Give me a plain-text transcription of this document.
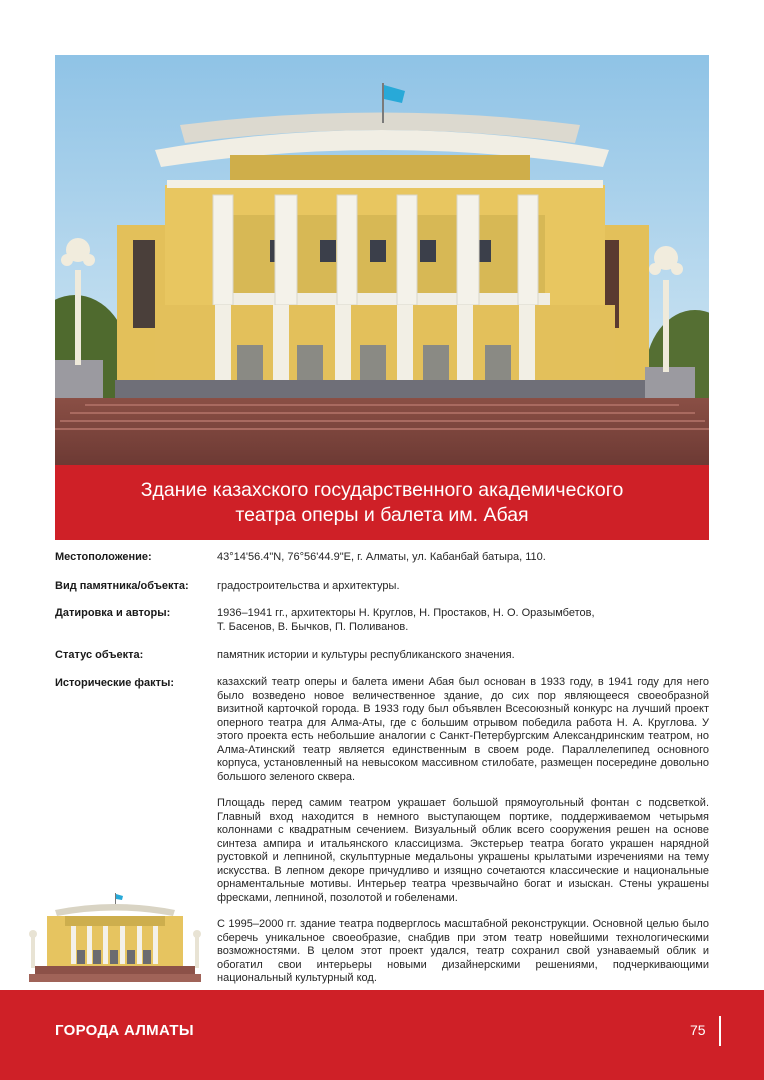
Здание казахского государственного академического
театра оперы и балета им. Абая
Местоположение:	43°14'56.4"N, 76°56'44.9"E, г. Алматы, ул. Кабанбай батыра, 110.
Вид памятника/объекта:	градостроительства и архитектуры.
Датировка и авторы:	1936–1941 гг., архитекторы Н. Круглов, Н. Простаков, Н. О. Оразымбетов,
Т. Басенов, В. Бычков, П. Поливанов.
Статус объекта:	памятник истории и культуры республиканского значения.
Исторические факты:	казахский театр оперы и балета имени Абая был основан в 1933 году, в 1941 году для него было возведено новое величественное здание, до сих пор являющееся своеобразной визитной карточкой города. В 1933 году был объявлен Всесоюзный конкурс на лучший проект оперного театра для Алма-Аты, где с большим отрывом победила работа Н. А. Круглова. У этого проекта есть небольшие аналогии с Санкт-Петербургским Александринским театром, но Алма-Атинский театр является единственным в своем роде. Параллелепипед основного корпуса, установленный на невысоком массивном стилобате, размещен посередине довольно большого зеленого сквера.

Площадь перед самим театром украшает большой прямоугольный фонтан с подсветкой. Главный вход находится в немного выступающем портике, поддерживаемом четырьмя колоннами с квадратным сечением. Визуальный облик всего сооружения решен на основе синтеза ампира и итальянского классицизма. Экстерьер театра богато украшен нарядной рустовкой и лепниной, скульптурные медальоны украшены крылатыми изречениями на тему искусства. В лепном декоре причудливо и изящно сочетаются классические и национальные орнаментальные мотивы. Интерьер театра чрезвычайно богат и изыскан. Стены украшены фресками, лепниной, позолотой и гобеленами.

С 1995–2000 гг. здание театра подверглось масштабной реконструкции. Основной целью было сберечь уникальное своеобразие, снабдив при этом театр новейшими технологическими возможностями. В целом этот проект удался, театр сохранил свой узнаваемый облик и обогатил свои интерьеры новыми дизайнерскими решениями, подчеркивающими национальный культурный код.

ГОРОДА АЛМАТЫ	75
